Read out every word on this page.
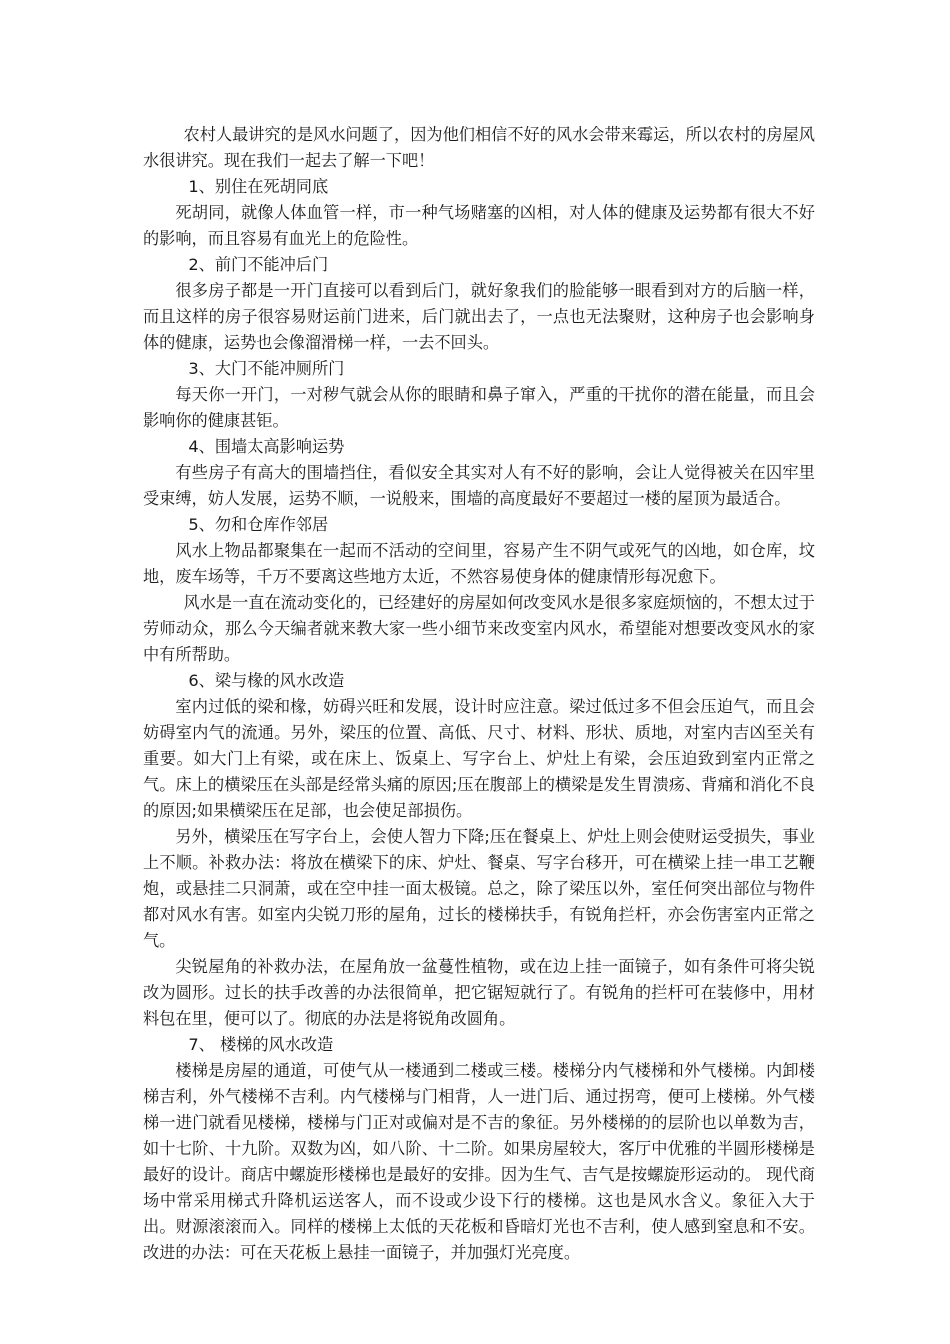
农村人最讲究的是风水问题了，因为他们相信不好的风水会带来霉运，所以农村的房屋风水很讲究。现在我们一起去了解一下吧！

1、别住在死胡同底

死胡同，就像人体血管一样，市一种气场赌塞的凶相，对人体的健康及运势都有很大不好的影响，而且容易有血光上的危险性。

2、前门不能冲后门

很多房子都是一开门直接可以看到后门，就好象我们的脸能够一眼看到对方的后脑一样，而且这样的房子很容易财运前门进来，后门就出去了，一点也无法聚财，这种房子也会影响身体的健康，运势也会像溜滑梯一样，一去不回头。

3、大门不能冲厕所门

每天你一开门，一对秽气就会从你的眼睛和鼻子窜入，严重的干扰你的潜在能量，而且会影响你的健康甚钜。

4、围墙太高影响运势

有些房子有高大的围墙挡住，看似安全其实对人有不好的影响，会让人觉得被关在囚牢里受束缚，妨人发展，运势不顺，一说般来，围墙的高度最好不要超过一楼的屋顶为最适合。

5、勿和仓库作邻居

风水上物品都聚集在一起而不活动的空间里，容易产生不阴气或死气的凶地，如仓库，坟地，废车场等，千万不要离这些地方太近，不然容易使身体的健康情形每况愈下。

风水是一直在流动变化的，已经建好的房屋如何改变风水是很多家庭烦恼的，不想太过于劳师动众，那么今天编者就来教大家一些小细节来改变室内风水，希望能对想要改变风水的家中有所帮助。

6、梁与椽的风水改造

室内过低的梁和椽，妨碍兴旺和发展，设计时应注意。梁过低过多不但会压迫气，而且会妨碍室内气的流通。另外，梁压的位置、高低、尺寸、材料、形状、质地，对室内吉凶至关有重要。如大门上有梁，或在床上、饭桌上、写字台上、炉灶上有梁，会压迫致到室内正常之气。床上的横梁压在头部是经常头痛的原因;压在腹部上的横梁是发生胃溃疡、背痛和消化不良的原因;如果横梁压在足部，也会使足部损伤。

另外，横梁压在写字台上，会使人智力下降;压在餐桌上、炉灶上则会使财运受损失，事业上不顺。补救办法：将放在横梁下的床、炉灶、餐桌、写字台移开，可在横梁上挂一串工艺鞭炮，或悬挂二只洞萧，或在空中挂一面太极镜。总之，除了梁压以外，室任何突出部位与物件都对风水有害。如室内尖锐刀形的屋角，过长的楼梯扶手，有锐角拦杆，亦会伤害室内正常之气。

尖锐屋角的补救办法，在屋角放一盆蔓性植物，或在边上挂一面镜子，如有条件可将尖锐改为圆形。过长的扶手改善的办法很简单，把它锯短就行了。有锐角的拦杆可在装修中，用材料包在里，便可以了。彻底的办法是将锐角改圆角。

7、 楼梯的风水改造

楼梯是房屋的通道，可使气从一楼通到二楼或三楼。楼梯分内气楼梯和外气楼梯。内卸楼梯吉利，外气楼梯不吉利。内气楼梯与门相背，人一进门后、通过拐弯，便可上楼梯。外气楼梯一进门就看见楼梯，楼梯与门正对或偏对是不吉的象征。另外楼梯的的层阶也以单数为吉，如十七阶、十九阶。双数为凶，如八阶、十二阶。如果房屋较大，客厅中优雅的半圆形楼梯是最好的设计。商店中螺旋形楼梯也是最好的安排。因为生气、吉气是按螺旋形运动的。 现代商场中常采用梯式升降机运送客人，而不设或少设下行的楼梯。这也是风水含义。象征入大于出。财源滚滚而入。同样的楼梯上太低的天花板和昏暗灯光也不吉利，使人感到窒息和不安。改进的办法：可在天花板上悬挂一面镜子，并加强灯光亮度。
